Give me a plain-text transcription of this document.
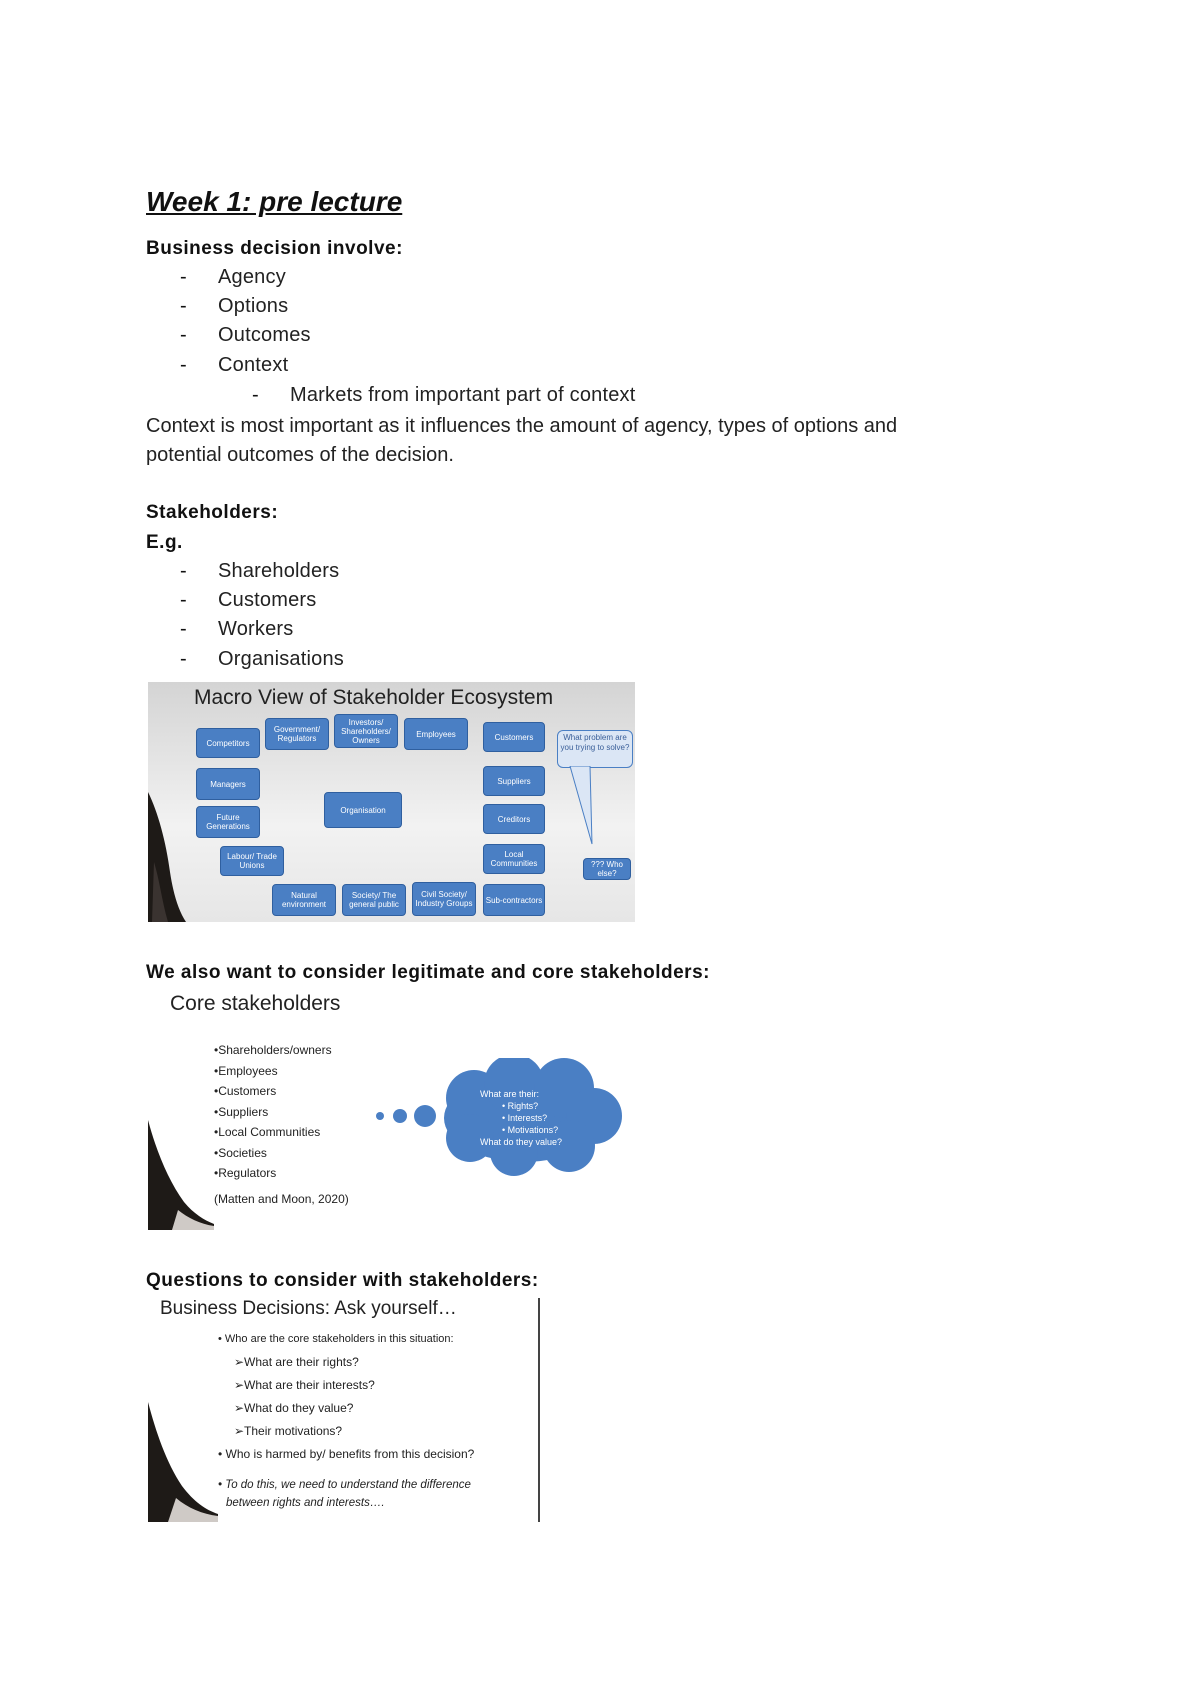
Week 1: pre lecture
Business decision involve:
- Agency
- Options
- Outcomes
- Context
- Markets from important part of context
Context is most important as it influences the amount of agency, types of options and
potential outcomes of the decision.
Stakeholders:
E.g.
- Shareholders
- Customers
- Workers
- Organisations
Macro View of Stakeholder Ecosystem
Competitors
Government/ Regulators
Investors/ Shareholders/ Owners
Employees	Customers	What problem are you trying to solve?
Managers	Suppliers
Organisation
Future Generations
Creditors
Labour/ Trade Unions
Local Communities	??? Who else?
Natural environment
Society/ The general public
Civil Society/ Industry Groups	Sub-contractors
We also want to consider legitimate and core stakeholders:
Core stakeholders
• Shareholders/owners
• Employees
• Customers
• Suppliers
• Local Communities
• Societies
• Regulators
(Matten and Moon, 2020)
What are their:
• Rights?
• Interests?
• Motivations?
What do they value?
Questions to consider with stakeholders:
Business Decisions: Ask yourself…
• Who are the core stakeholders in this situation:
➢What are their rights?
➢What are their interests?
➢What do they value?
➢Their motivations?
• Who is harmed by/ benefits from this decision?
• To do this, we need to understand the difference
between rights and interests….
